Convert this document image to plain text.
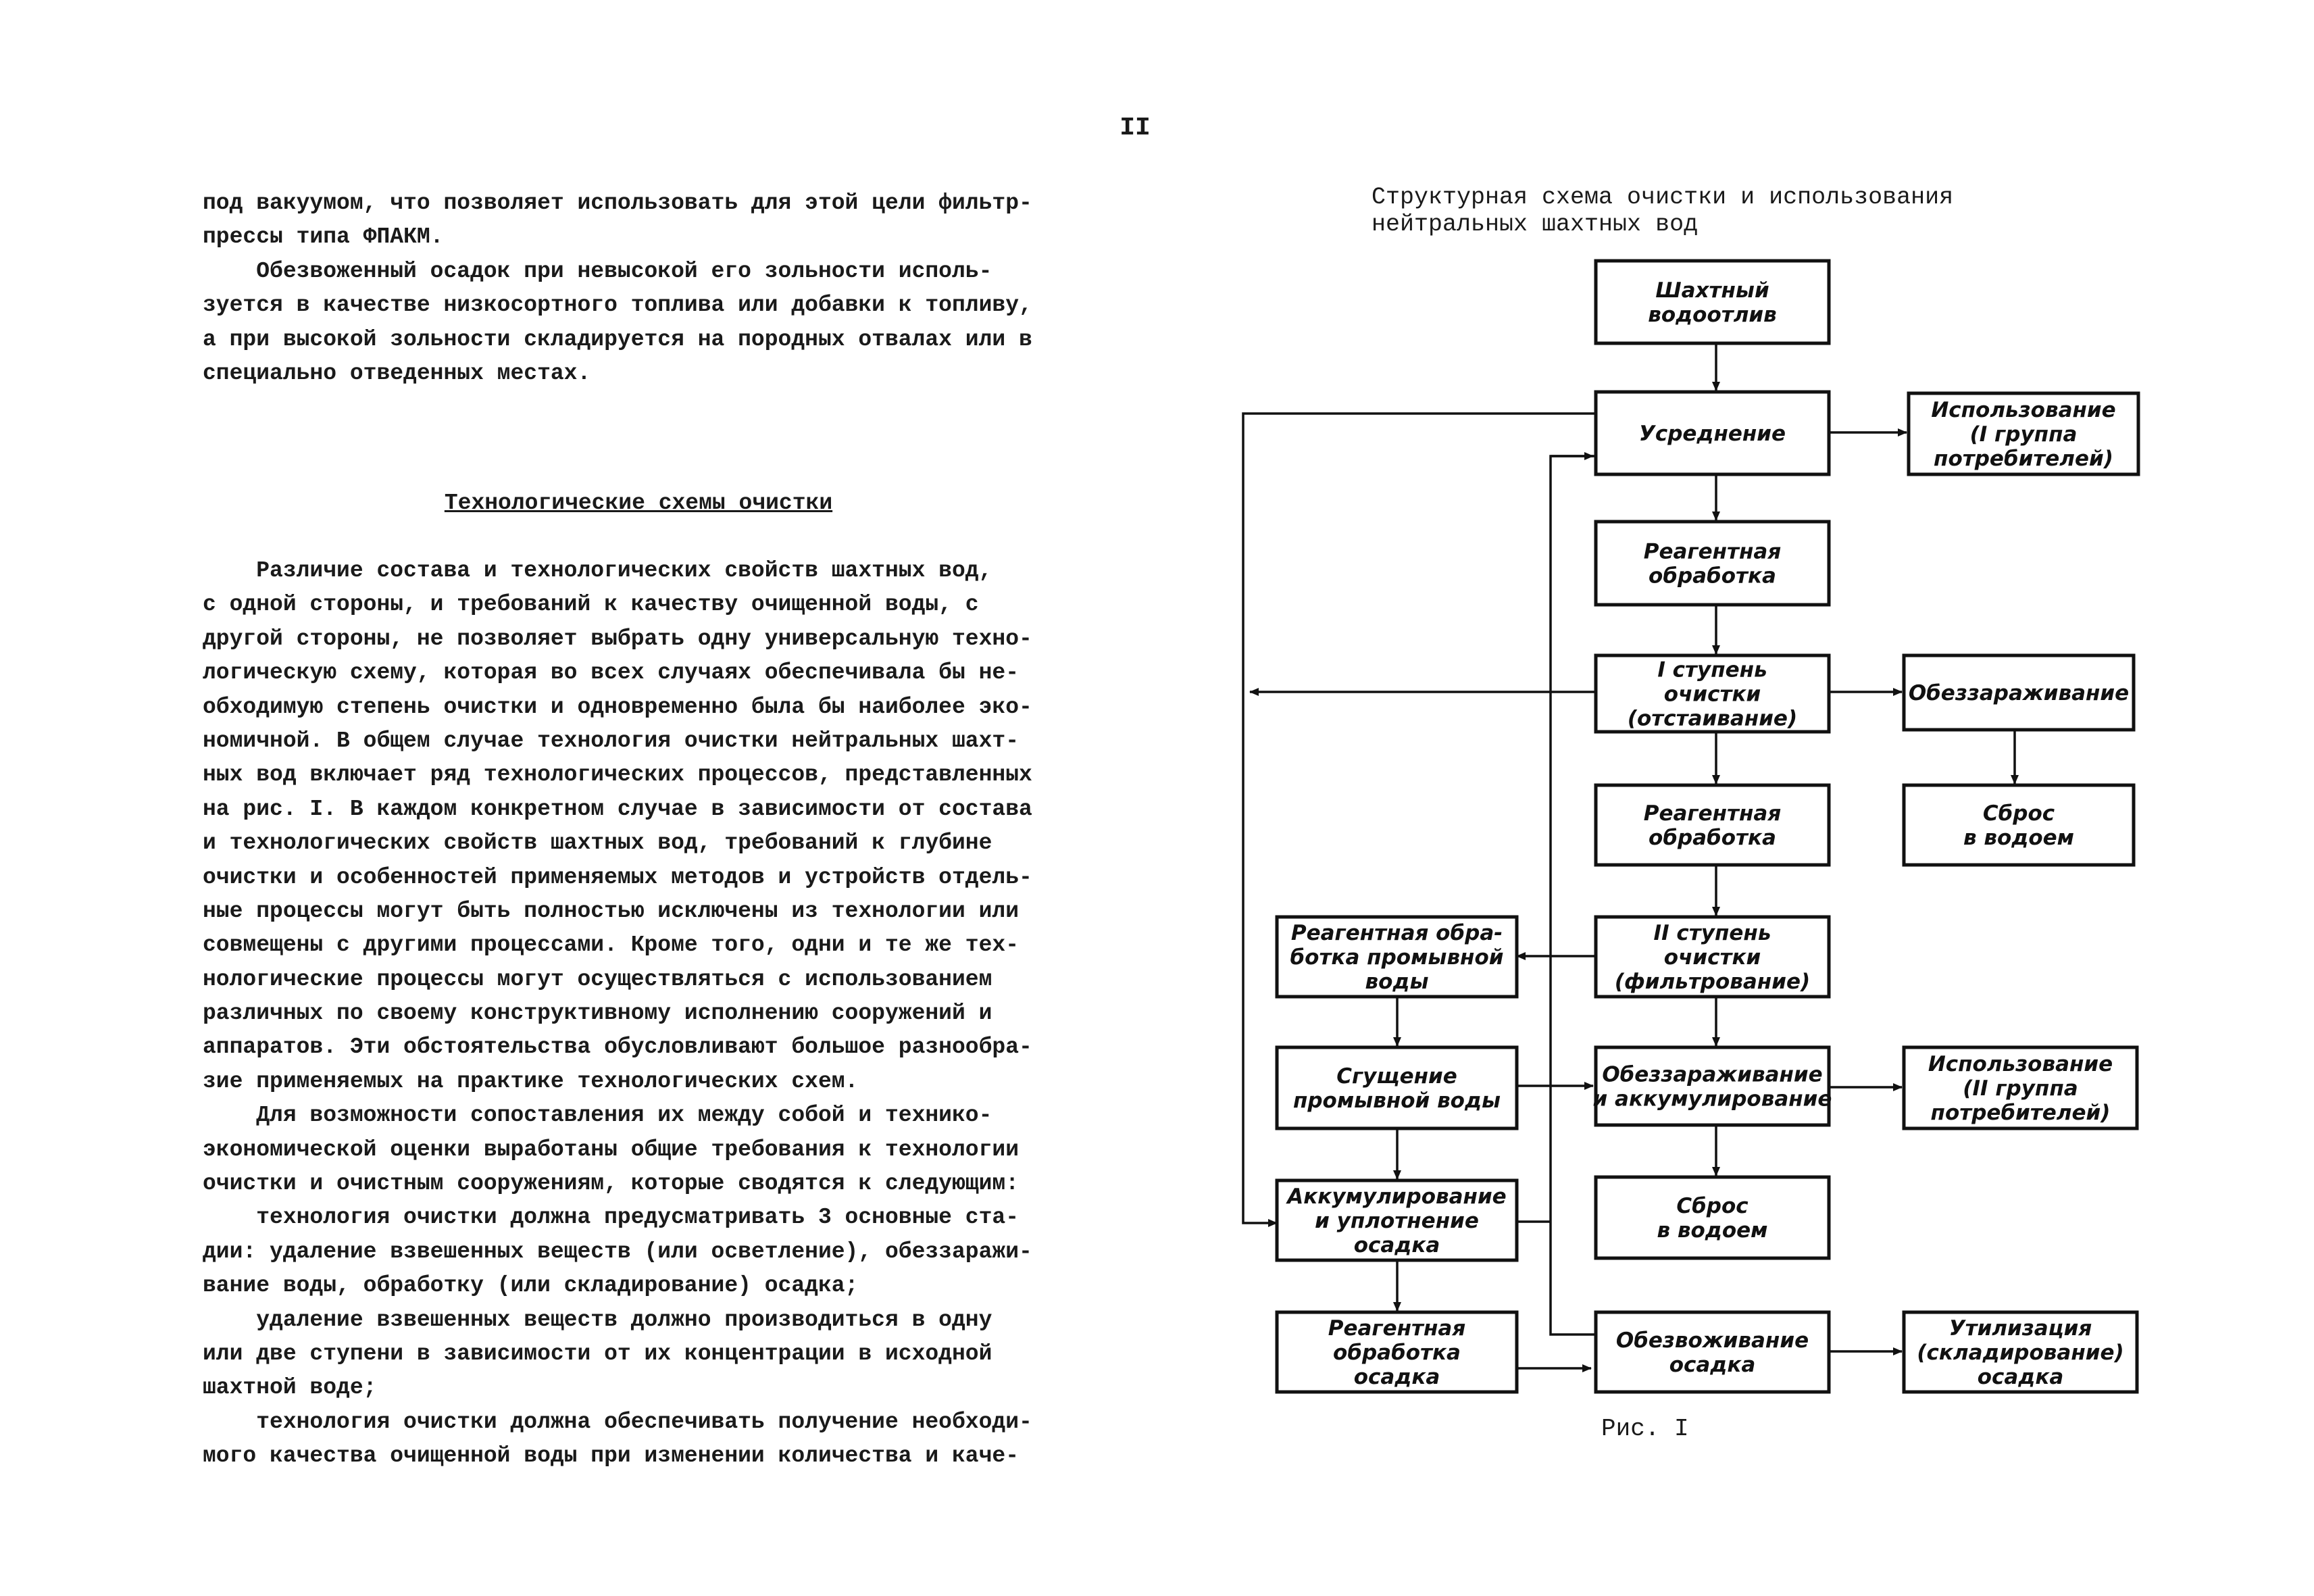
II
под вакуумом, что позволяет использовать для этой цели фильтр-
прессы типа ФПАКМ.
Обезвоженный осадок при невысокой его зольности исполь-
зуется в качестве низкосортного топлива или добавки к топливу,
а при высокой зольности складируется на породных отвалах или в
специально отведенных местах.
Технологические схемы очистки
Различие состава и технологических свойств шахтных вод,
с одной стороны, и требований к качеству очищенной воды, с
другой стороны, не позволяет выбрать одну универсальную техно-
логическую схему, которая во всех случаях обеспечивала бы не-
обходимую степень очистки и одновременно была бы наиболее эко-
номичной. В общем случае технология очистки нейтральных шахт-
ных вод включает ряд технологических процессов, представленных
на рис. I. В каждом конкретном случае в зависимости от состава
и технологических свойств шахтных вод, требований к глубине
очистки и особенностей применяемых методов и устройств отдель-
ные процессы могут быть полностью исключены из технологии или
совмещены с другими процессами. Кроме того, одни и те же тех-
нологические процессы могут осуществляться с использованием
различных по своему конструктивному исполнению сооружений и
аппаратов. Эти обстоятельства обусловливают большое разнообра-
зие применяемых на практике технологических схем.
Для возможности сопоставления их между собой и технико-
экономической оценки выработаны общие требования к технологии
очистки и очистным сооружениям, которые сводятся к следующим:
технология очистки должна предусматривать 3 основные ста-
дии: удаление взвешенных веществ (или осветление), обеззаражи-
вание воды, обработку (или складирование) осадка;
удаление взвешенных веществ должно производиться в одну
или две ступени в зависимости от их концентрации в исходной
шахтной воде;
технология очистки должна обеспечивать получение необходи-
мого качества очищенной воды при изменении количества и каче-
Структурная схема очистки и использования
нейтральных шахтных вод
Рис. I
Шахтный
водоотлив
Усреднение
Использование
(I группа
потребителей)
Реагентная
обработка
I ступень
очистки
(отстаивание)
Обеззараживание
Реагентная
обработка
Сброс
в водоем
Реагентная обра-
ботка промывной
воды
II ступень
очистки
(фильтрование)
Сгущение
промывной воды
Обеззараживание
и аккумулирование
Использование
(II группа
потребителей)
Аккумулирование
и уплотнение
осадка
Сброс
в водоем
Реагентная
обработка
осадка
Обезвоживание
осадка
Утилизация
(складирование)
осадка
